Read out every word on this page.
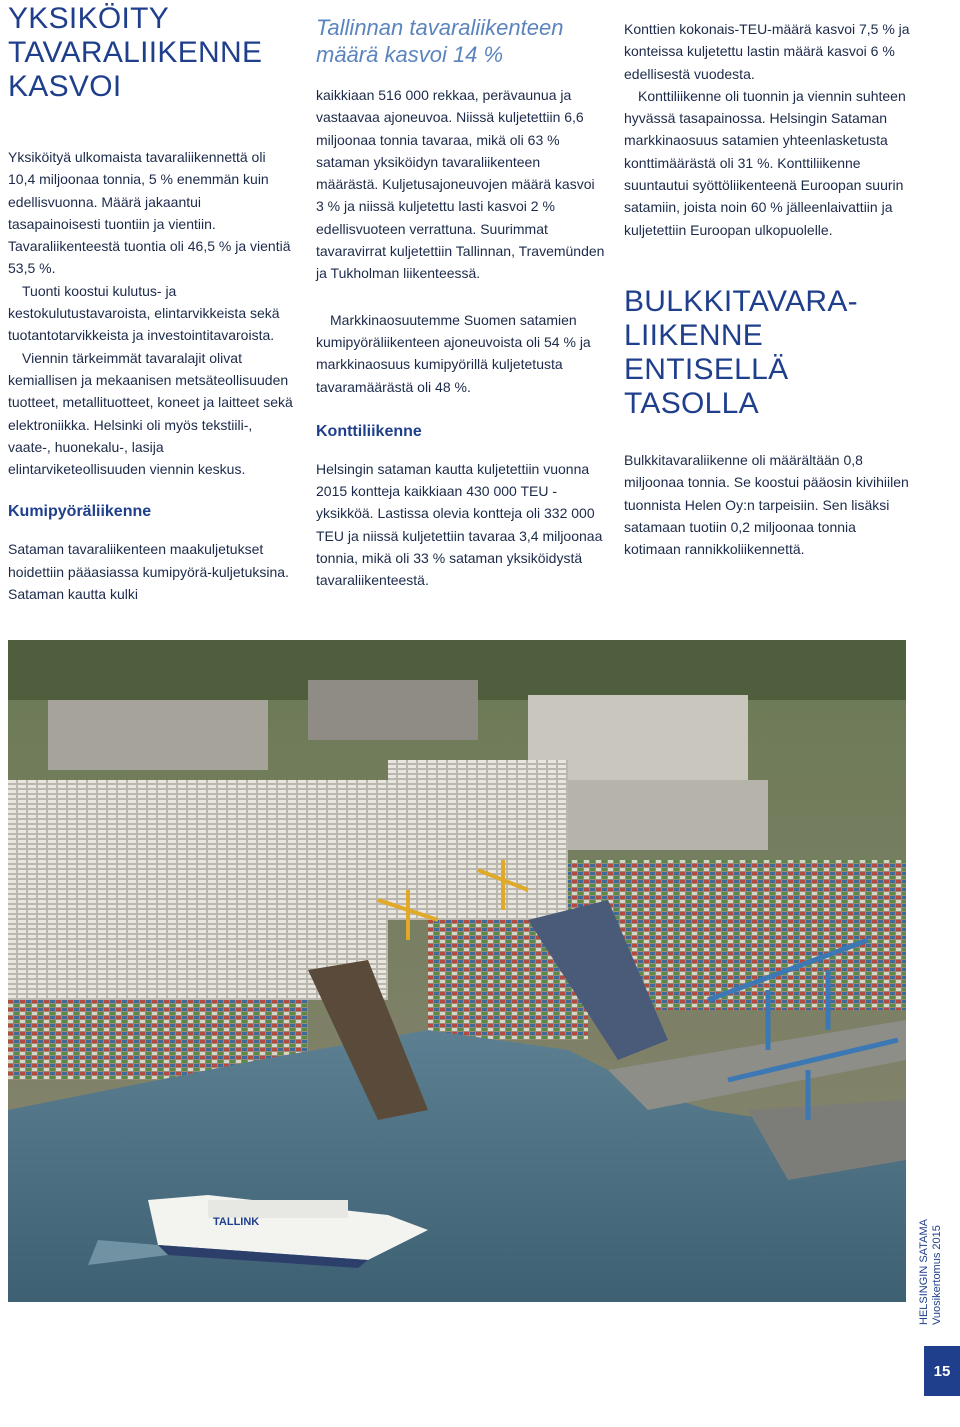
YKSIKÖITY
TAVARALIIKENNE
KASVOI

Yksiköityä ulkomaista tavaraliikennettä oli 10,4 miljoonaa tonnia, 5 % enemmän kuin edellisvuonna. Määrä jakaantui tasapainoisesti tuontiin ja vientiin. Tavaraliikenteestä tuontia oli 46,5 % ja vientiä 53,5 %.

Tuonti koostui kulutus- ja kestokulutustavaroista, elintarvikkeista sekä tuotantotarvikkeista ja investointitavaroista.

Viennin tärkeimmät tavaralajit olivat kemiallisen ja mekaanisen metsäteollisuuden tuotteet, metallituotteet, koneet ja laitteet sekä elektroniikka. Helsinki oli myös tekstiili-, vaate-, huonekalu-, lasija elintarviketeollisuuden viennin keskus.

Kumipyöräliikenne

Sataman tavaraliikenteen maakuljetukset hoidettiin pääasiassa kumipyörä-kuljetuksina. Sataman kautta kulki

Tallinnan tavaraliikenteen
määrä kasvoi 14 %

kaikkiaan 516 000 rekkaa, perävaunua ja vastaavaa ajoneuvoa. Niissä kuljetettiin 6,6 miljoonaa tonnia tavaraa, mikä oli 63 % sataman yksiköidyn tavaraliikenteen määrästä. Kuljetusajoneuvojen määrä kasvoi 3 % ja niissä kuljetettu lasti kasvoi 2 % edellisvuoteen verrattuna. Suurimmat tavaravirrat kuljetettiin Tallinnan, Travemünden ja Tukholman liikenteessä.

Markkinaosuutemme Suomen satamien kumipyöräliikenteen ajoneuvoista oli 54 % ja markkinaosuus kumipyörillä kuljetetusta tavaramäärästä oli 48 %.

Konttiliikenne

Helsingin sataman kautta kuljetettiin vuonna 2015 kontteja kaikkiaan 430 000 TEU -yksikköä. Lastissa olevia kontteja oli 332 000 TEU ja niissä kuljetettiin tavaraa 3,4 miljoonaa tonnia, mikä oli 33 % sataman yksiköidystä tavaraliikenteestä.

Konttien kokonais-TEU-määrä kasvoi 7,5 % ja konteissa kuljetettu lastin määrä kasvoi 6 % edellisestä vuodesta.

Konttiliikenne oli tuonnin ja viennin suhteen hyvässä tasapainossa. Helsingin Sataman markkinaosuus satamien yhteenlasketusta konttimäärästä oli 31 %. Konttiliikenne suuntautui syöttöliikenteenä Euroopan suurin satamiin, joista noin 60 % jälleenlaivattiin ja kuljetettiin Euroopan ulkopuolelle.

BULKKITAVARA-
LIIKENNE ENTISELLÄ
TASOLLA

Bulkkitavaraliikenne oli määrältään 0,8 miljoonaa tonnia. Se koostui pääosin kivihiilen tuonnista Helen Oy:n tarpeisiin. Sen lisäksi satamaan tuotiin 0,2 miljoonaa tonnia kotimaan rannikkoliikennettä.

TALLINK	HELSINGIN SATAMA Vuosikertomus 2015
15
